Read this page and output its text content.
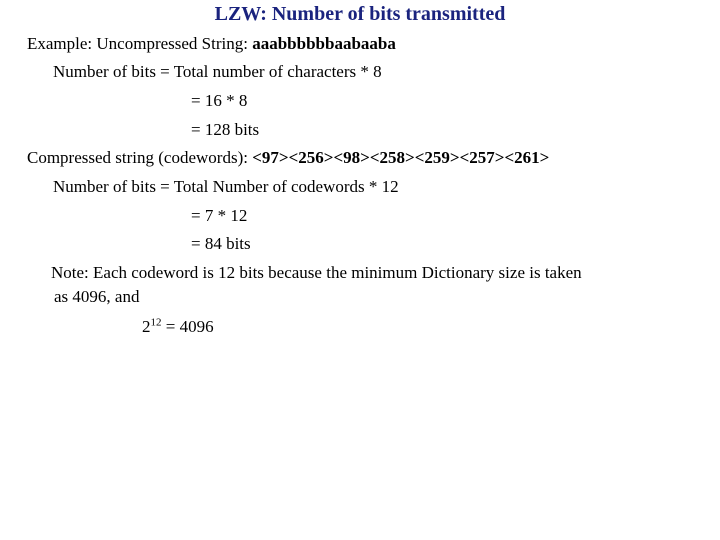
LZW: Number of bits transmitted
Example: Uncompressed String: aaabbbbbbaabaaba
Number of bits = Total number of characters * 8
= 16 * 8
= 128 bits
Compressed string (codewords): <97><256><98><258><259><257><261>
Number of bits = Total Number of codewords * 12
= 7 * 12
= 84 bits
Note: Each codeword is 12 bits because the minimum Dictionary size is taken
as 4096, and
$2^{12} = 4096$
